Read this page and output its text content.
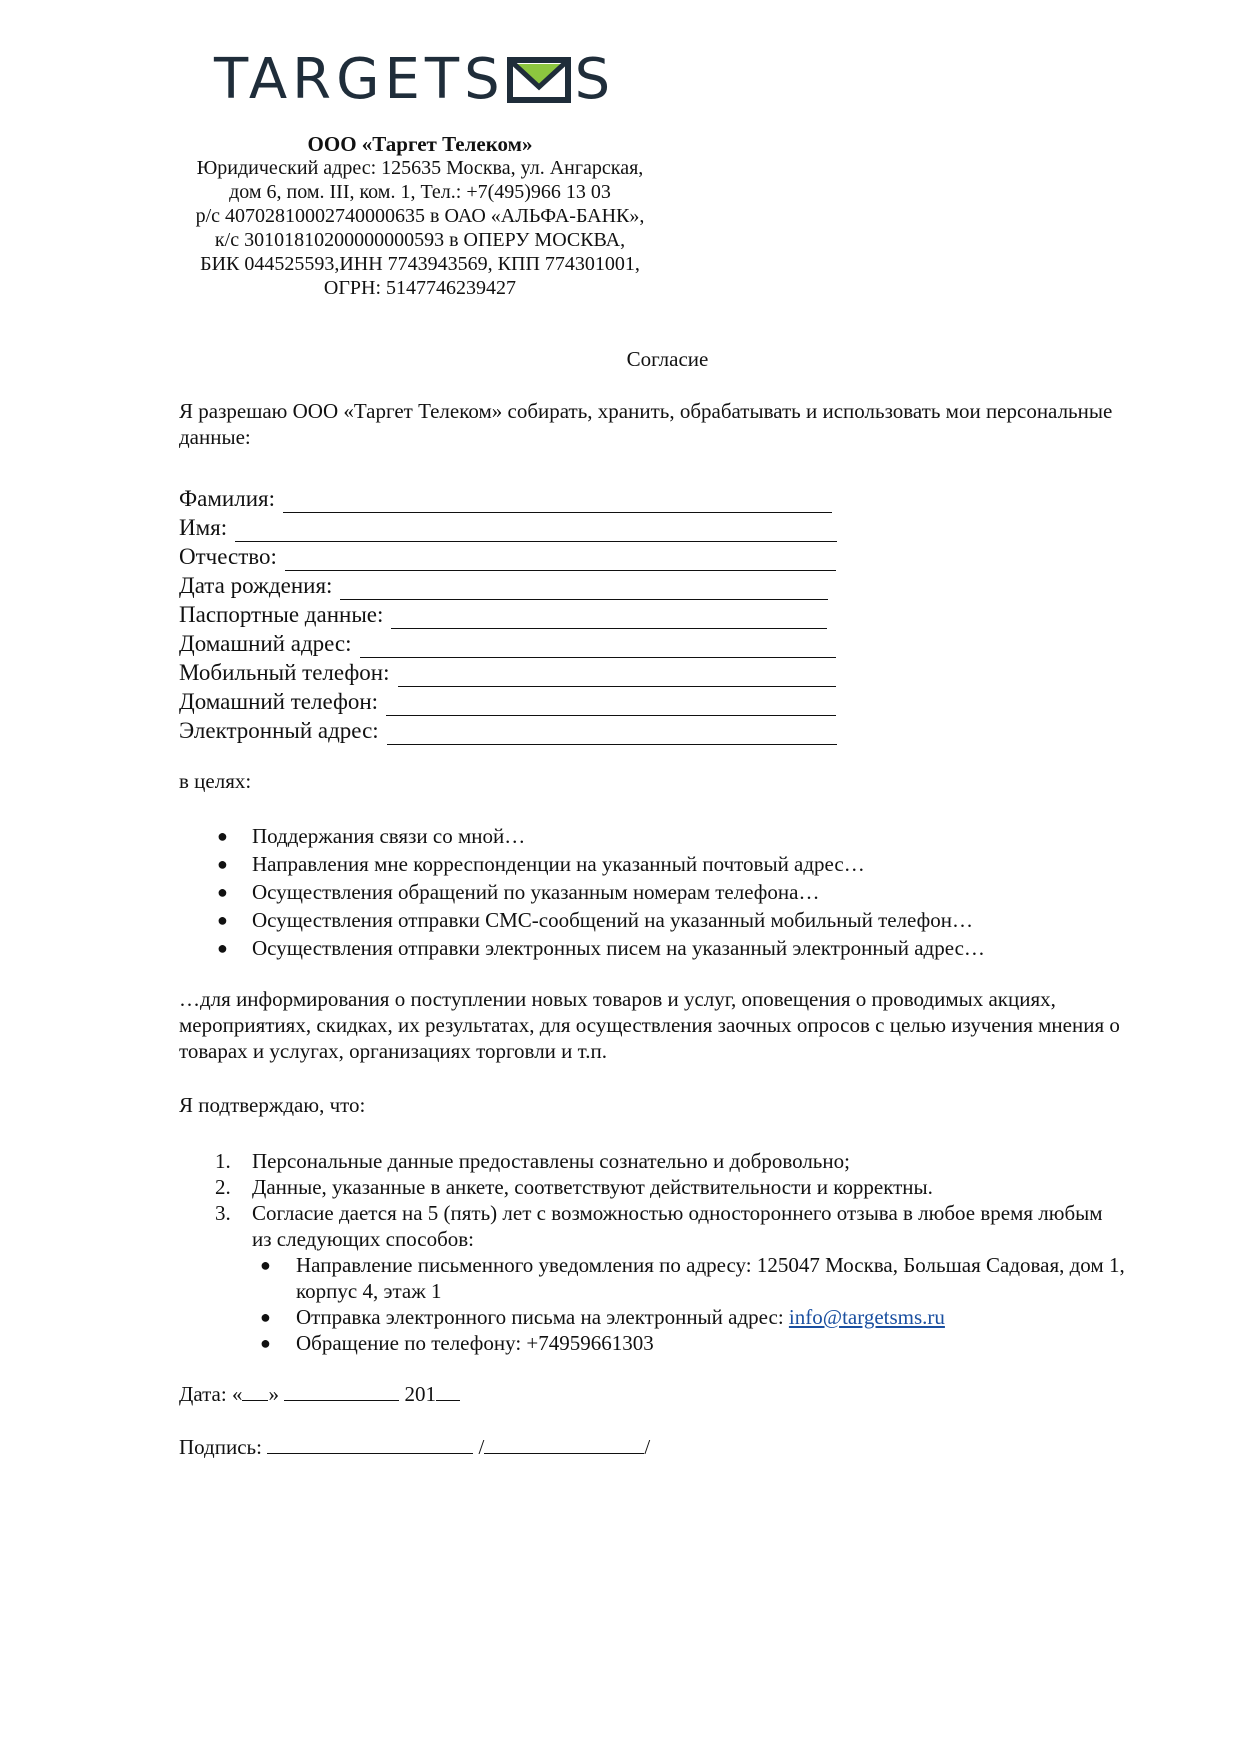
TARGETS S
ООО «Таргет Телеком»
Юридический адрес: 125635 Москва, ул. Ангарская,
дом 6, пом. III, ком. 1, Тел.: +7(495)966 13 03
р/с 40702810002740000635 в ОАО «АЛЬФА-БАНК»,
к/с 30101810200000000593 в ОПЕРУ МОСКВА,
БИК 044525593,ИНН 7743943569, КПП 774301001,
ОГРН: 5147746239427
Согласие
Я разрешаю ООО «Таргет Телеком» собирать, хранить, обрабатывать и использовать мои персональные данные:
Фамилия:
Имя:
Отчество:
Дата рождения:
Паспортные данные:
Домашний адрес:
Мобильный телефон:
Домашний телефон:
Электронный адрес:
в целях:
●	Поддержания связи со мной…
●	Направления мне корреспонденции на указанный почтовый адрес…
●	Осуществления обращений по указанным номерам телефона…
●	Осуществления отправки СМС-сообщений на указанный мобильный телефон…
●	Осуществления отправки электронных писем на указанный электронный адрес…
…для информирования о поступлении новых товаров и услуг, оповещения о проводимых акциях, мероприятиях, скидках, их результатах, для осуществления заочных опросов с целью изучения мнения о товарах и услугах, организациях торговли и т.п.
Я подтверждаю, что:
1.	Персональные данные предоставлены сознательно и добровольно;
2.	Данные, указанные в анкете, соответствуют действительности и корректны.
3.	Согласие дается на 5 (пять) лет с возможностью одностороннего отзыва в любое время любым из следующих способов:
●	Направление письменного уведомления по адресу: 125047 Москва, Большая Садовая, дом 1, корпус 4, этаж 1
●	Отправка электронного письма на электронный адрес: info@targetsms.ru
●	Обращение по телефону: +74959661303
Дата: « »	201
Подпись:	/	/
